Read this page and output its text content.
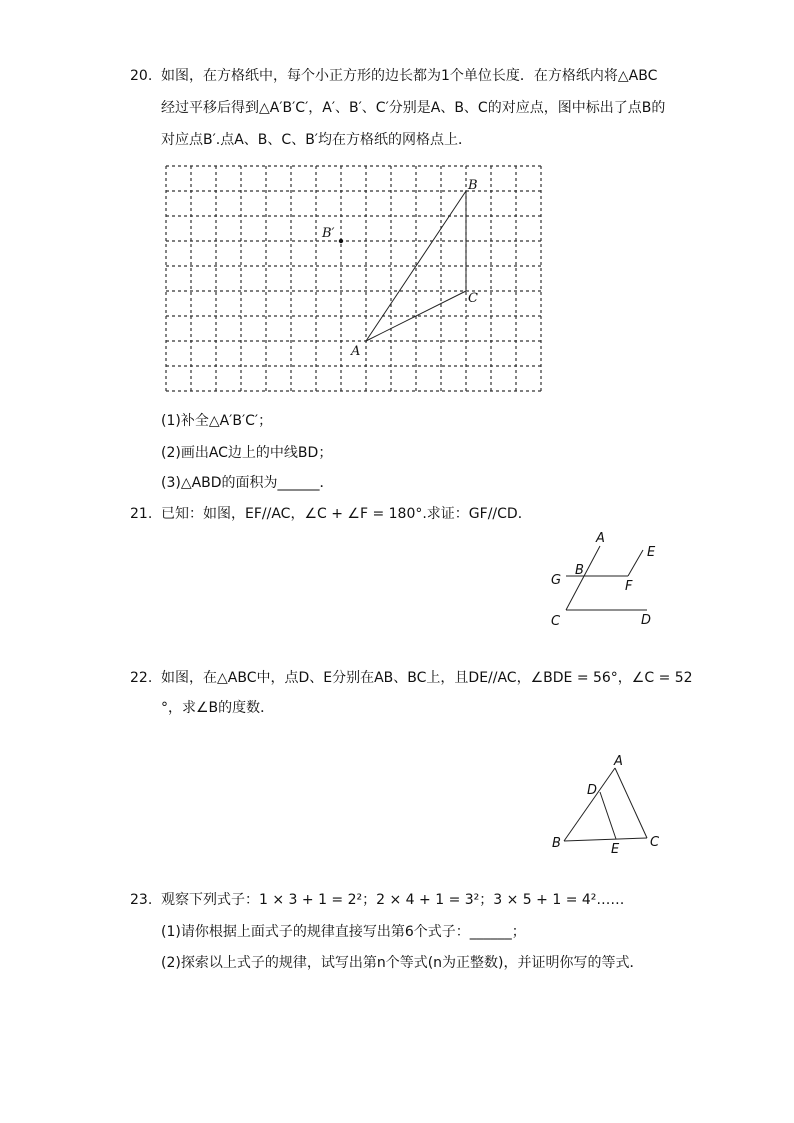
20. 如图，在方格纸中，每个小正方形的边长都为1个单位长度．在方格纸内将△ABC
经过平移后得到△A′B′C′，A′、B′、C′分别是A、B、C的对应点，图中标出了点B的
对应点B′.点A、B、C、B′均在方格纸的网格点上．
A
B
C
B′
(1)补全△A′B′C′；
(2)画出AC边上的中线BD；
(3)△ABD的面积为______．
21. 已知：如图，EF//AC，∠C + ∠F = 180°.求证：GF//CD．
A
E
G
B
F
C	D
22. 如图，在△ABC中，点D、E分别在AB、BC上，且DE//AC，∠BDE = 56°，∠C = 52
°，求∠B的度数．
A
D
B	E C
23. 观察下列式子：1 × 3 + 1 = 2²；2 × 4 + 1 = 3²；3 × 5 + 1 = 4²……
(1)请你根据上面式子的规律直接写出第6个式子：______；
(2)探索以上式子的规律，试写出第n个等式(n为正整数)，并证明你写的等式．
